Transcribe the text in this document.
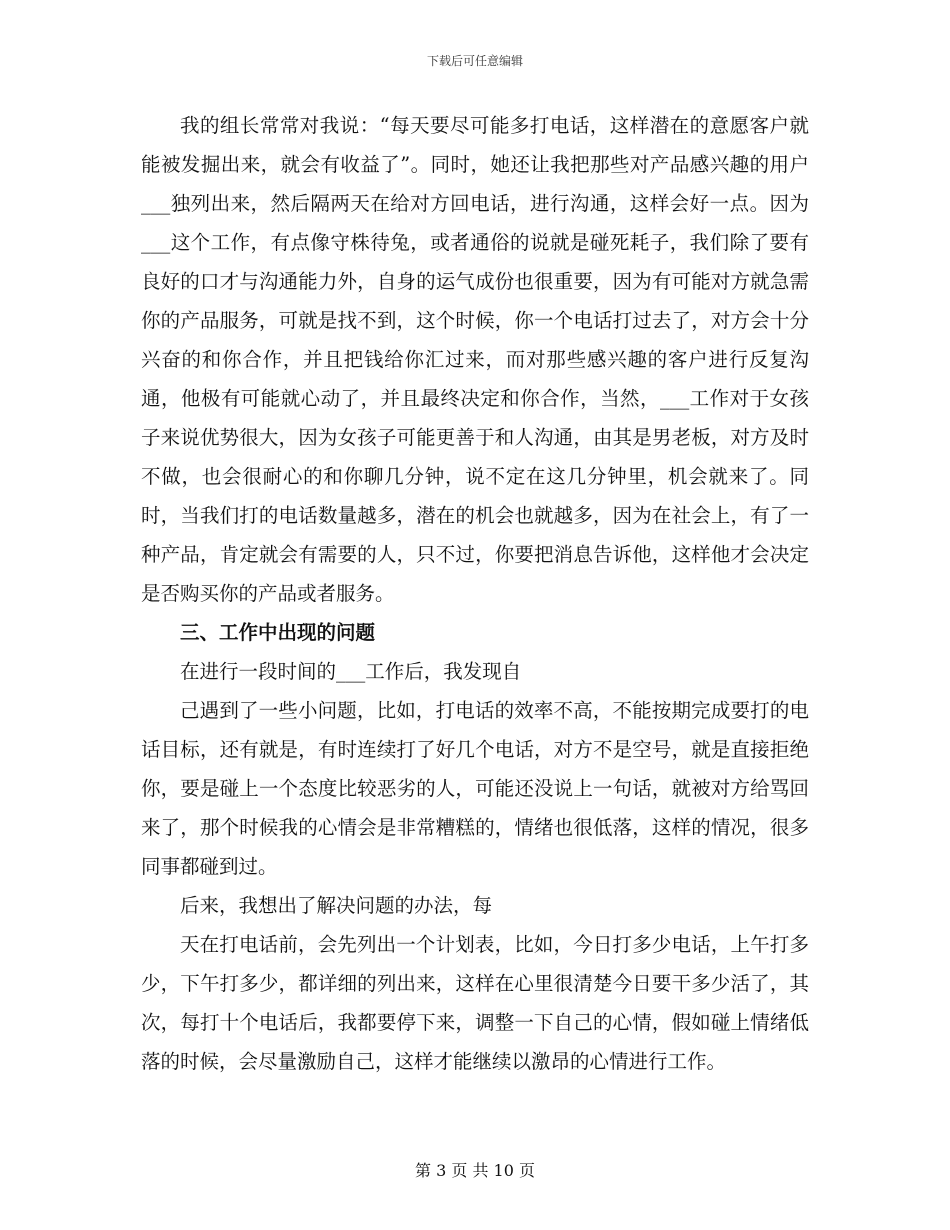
下载后可任意编辑

我的组长常常对我说：“每天要尽可能多打电话，这样潜在的意愿客户就能被发掘出来，就会有收益了”。同时，她还让我把那些对产品感兴趣的用户___独列出来，然后隔两天在给对方回电话，进行沟通，这样会好一点。因为___这个工作，有点像守株待兔，或者通俗的说就是碰死耗子，我们除了要有良好的口才与沟通能力外，自身的运气成份也很重要，因为有可能对方就急需你的产品服务，可就是找不到，这个时候，你一个电话打过去了，对方会十分兴奋的和你合作，并且把钱给你汇过来，而对那些感兴趣的客户进行反复沟通，他极有可能就心动了，并且最终决定和你合作，当然，___工作对于女孩子来说优势很大，因为女孩子可能更善于和人沟通，由其是男老板，对方及时不做，也会很耐心的和你聊几分钟，说不定在这几分钟里，机会就来了。同时，当我们打的电话数量越多，潜在的机会也就越多，因为在社会上，有了一种产品，肯定就会有需要的人，只不过，你要把消息告诉他，这样他才会决定是否购买你的产品或者服务。

三、工作中出现的问题

在进行一段时间的___工作后，我发现自

己遇到了一些小问题，比如，打电话的效率不高，不能按期完成要打的电话目标，还有就是，有时连续打了好几个电话，对方不是空号，就是直接拒绝你，要是碰上一个态度比较恶劣的人，可能还没说上一句话，就被对方给骂回来了，那个时候我的心情会是非常糟糕的，情绪也很低落，这样的情况，很多同事都碰到过。

后来，我想出了解决问题的办法，每

天在打电话前，会先列出一个计划表，比如，今日打多少电话，上午打多少，下午打多少，都详细的列出来，这样在心里很清楚今日要干多少活了，其次，每打十个电话后，我都要停下来，调整一下自己的心情，假如碰上情绪低落的时候，会尽量激励自己，这样才能继续以激昂的心情进行工作。

第 3 页 共 10 页
